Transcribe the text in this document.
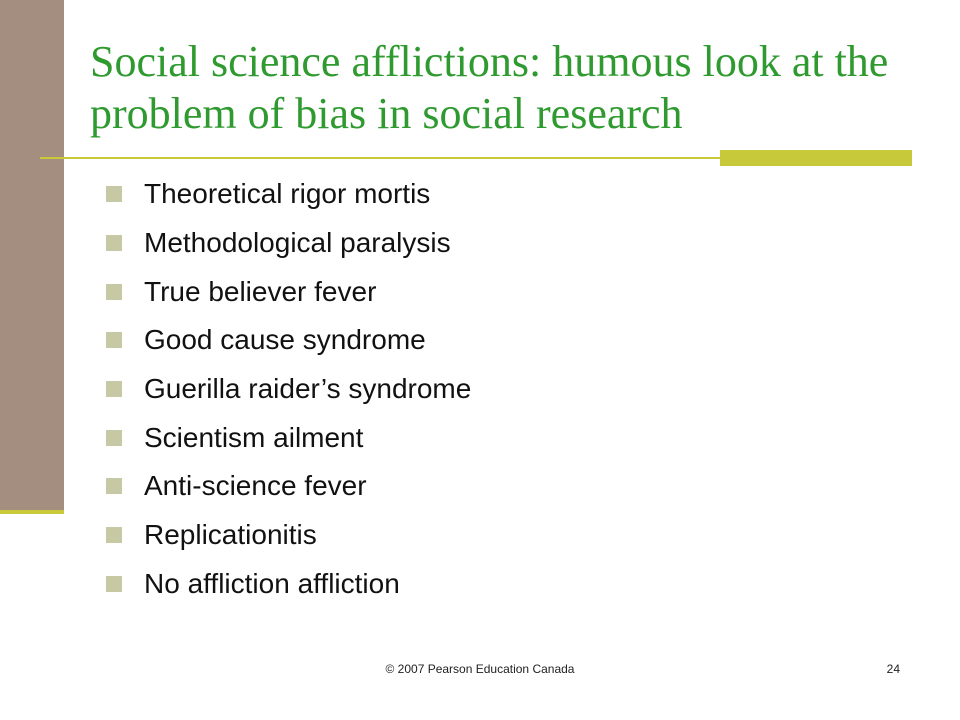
Social science afflictions: humous look at the problem of bias in social research
Theoretical rigor mortis
Methodological paralysis
True believer fever
Good cause syndrome
Guerilla raider’s syndrome
Scientism ailment
Anti-science fever
Replicationitis
No affliction affliction
© 2007 Pearson Education Canada	24
